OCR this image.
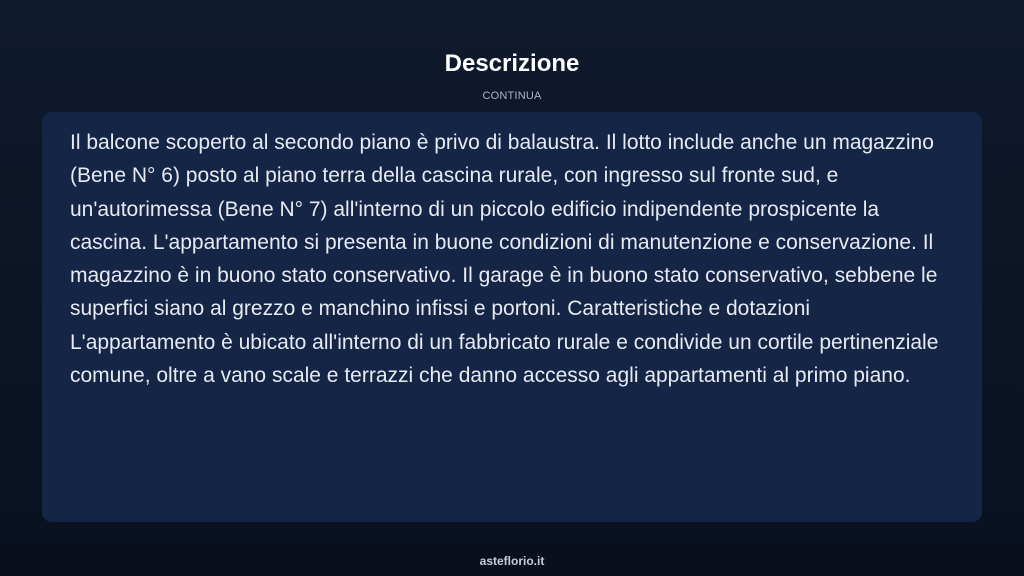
Descrizione
CONTINUA

Il balcone scoperto al secondo piano è privo di balaustra. Il lotto include anche un magazzino (Bene N° 6) posto al piano terra della cascina rurale, con ingresso sul fronte sud, e un'autorimessa (Bene N° 7) all'interno di un piccolo edificio indipendente prospicente la cascina. L'appartamento si presenta in buone condizioni di manutenzione e conservazione. Il magazzino è in buono stato conservativo. Il garage è in buono stato conservativo, sebbene le superfici siano al grezzo e manchino infissi e portoni. Caratteristiche e dotazioni L'appartamento è ubicato all'interno di un fabbricato rurale e condivide un cortile pertinenziale comune, oltre a vano scale e terrazzi che danno accesso agli appartamenti al primo piano.

asteflorio.it
